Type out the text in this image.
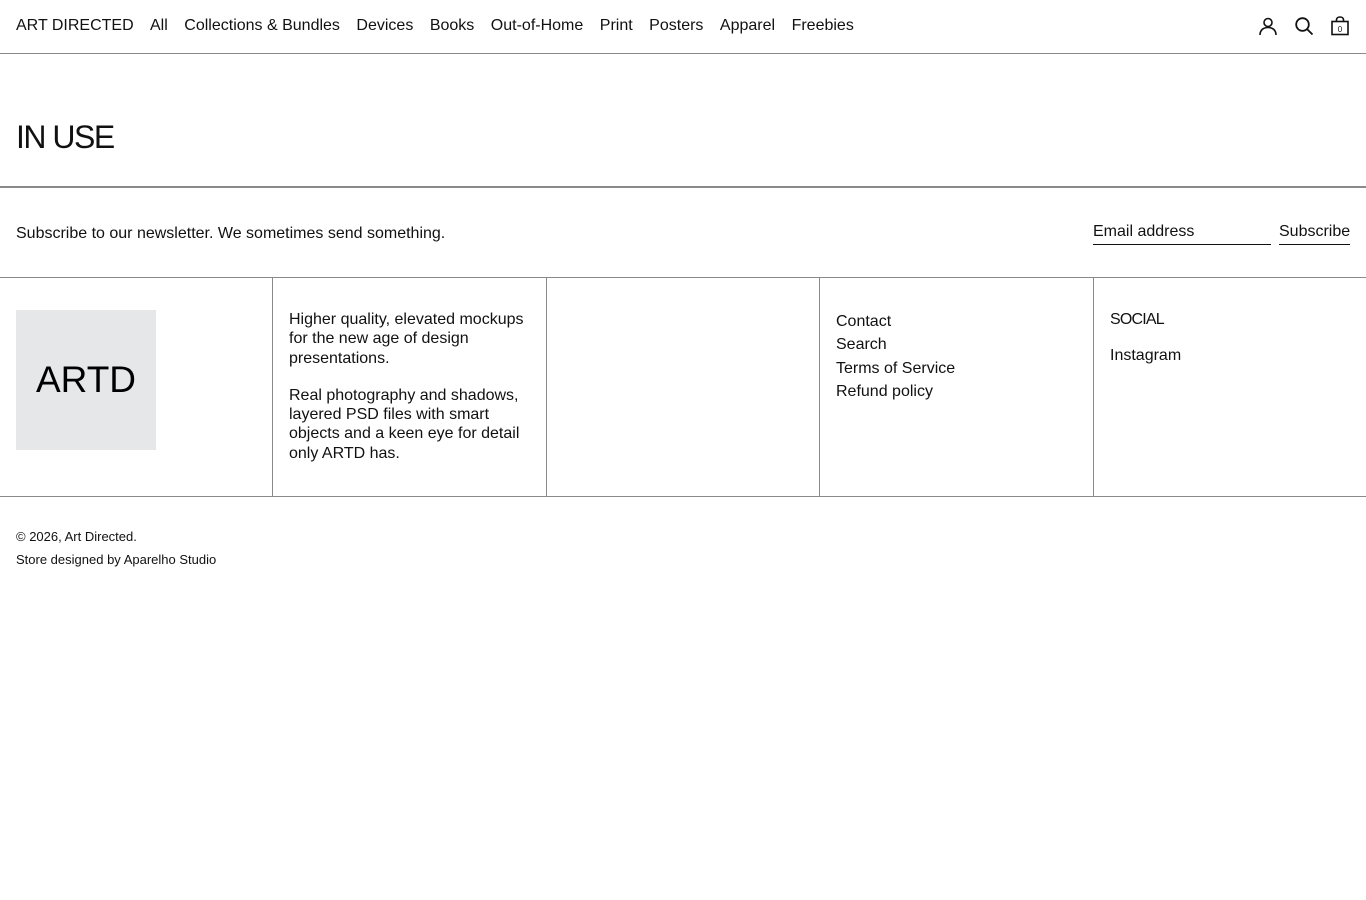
ART DIRECTED All Collections & Bundles Devices Books Out-of-Home Print Posters Apparel Freebies	0
IN USE

Subscribe to our newsletter. We sometimes send something.

Email address	Subscribe
ARTD

Higher quality, elevated mockups for the new age of design presentations.

Real photography and shadows, layered PSD files with smart objects and a keen eye for detail only ARTD has.

Contact
Search
Terms of Service
Refund policy
SOCIAL
Instagram

© 2026, Art Directed.

Store designed by Aparelho Studio
